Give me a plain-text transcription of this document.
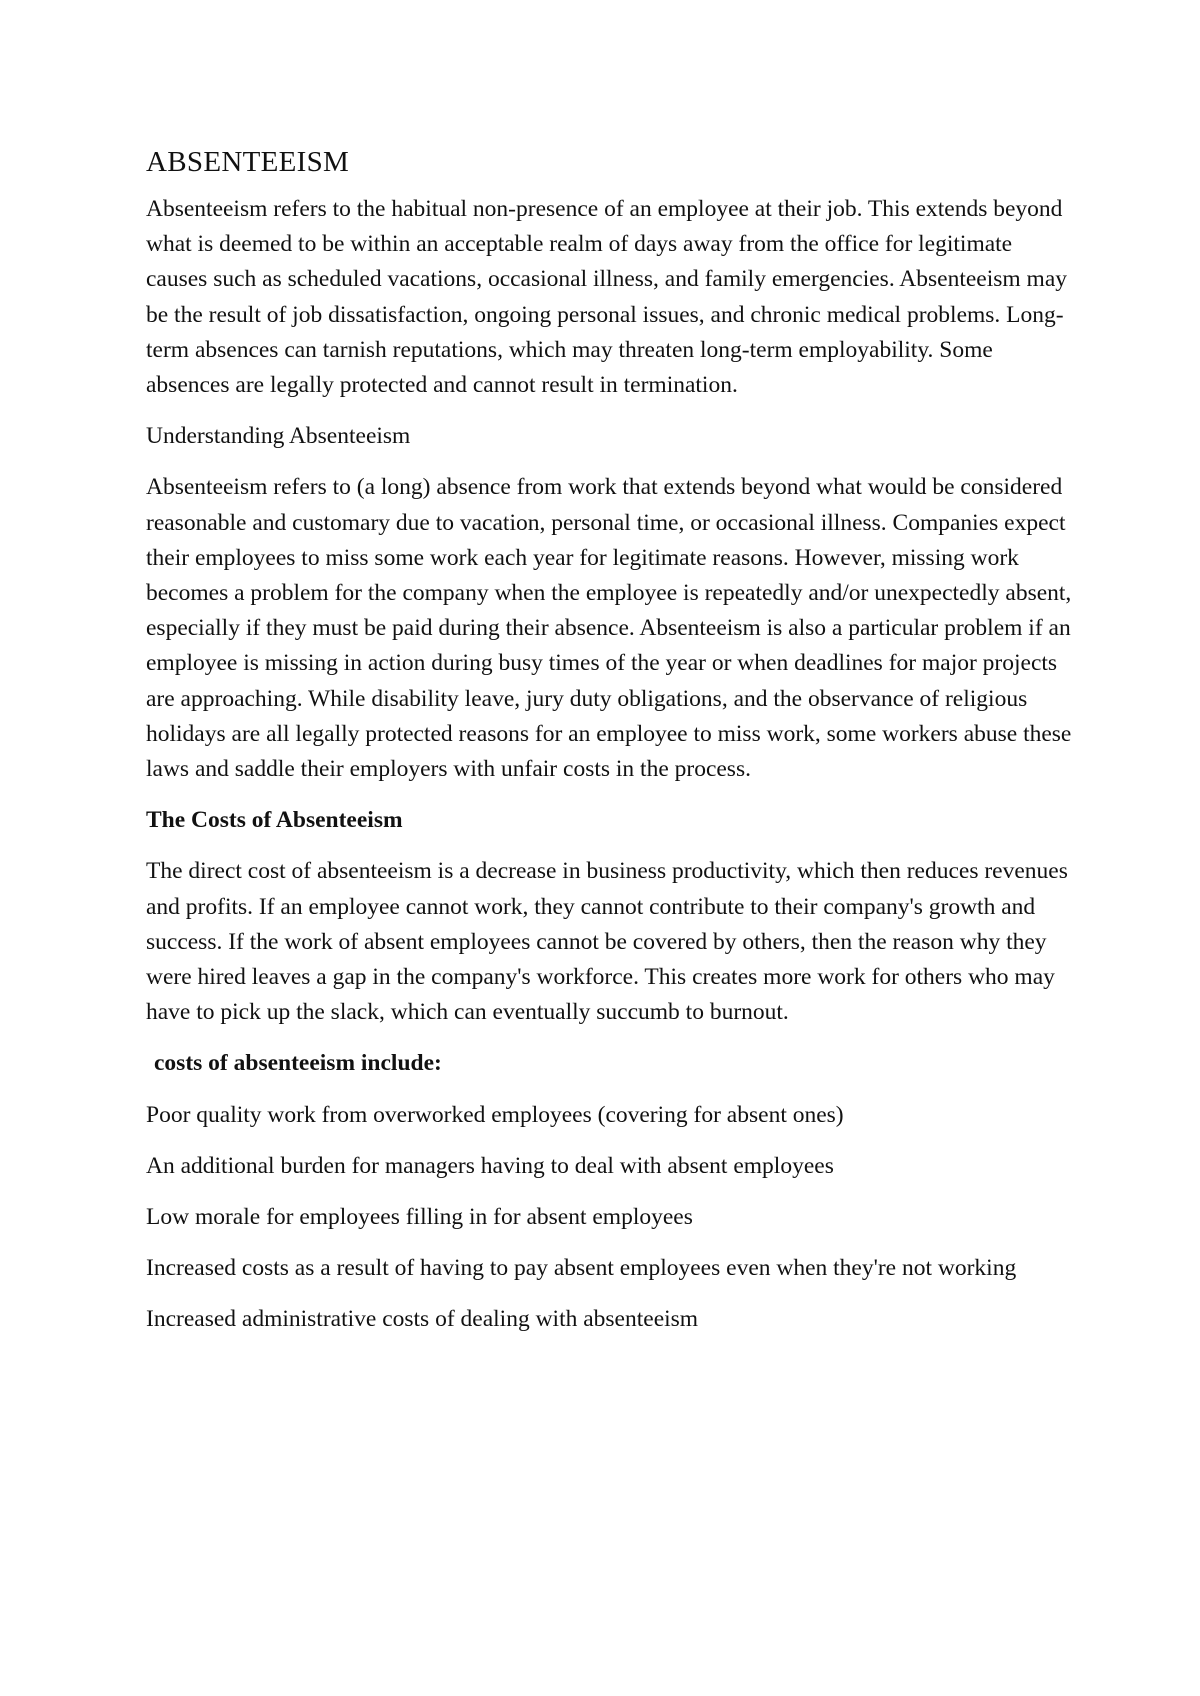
ABSENTEEISM

Absenteeism refers to the habitual non-presence of an employee at their job. This extends beyond what is deemed to be within an acceptable realm of days away from the office for legitimate causes such as scheduled vacations, occasional illness, and family emergencies. Absenteeism may be the result of job dissatisfaction, ongoing personal issues, and chronic medical problems. Long-term absences can tarnish reputations, which may threaten long-term employability. Some absences are legally protected and cannot result in termination.

Understanding Absenteeism

Absenteeism refers to (a long) absence from work that extends beyond what would be considered reasonable and customary due to vacation, personal time, or occasional illness. Companies expect their employees to miss some work each year for legitimate reasons. However, missing work becomes a problem for the company when the employee is repeatedly and/or unexpectedly absent, especially if they must be paid during their absence. Absenteeism is also a particular problem if an employee is missing in action during busy times of the year or when deadlines for major projects are approaching. While disability leave, jury duty obligations, and the observance of religious holidays are all legally protected reasons for an employee to miss work, some workers abuse these laws and saddle their employers with unfair costs in the process.

The Costs of Absenteeism

The direct cost of absenteeism is a decrease in business productivity, which then reduces revenues and profits. If an employee cannot work, they cannot contribute to their company's growth and success. If the work of absent employees cannot be covered by others, then the reason why they were hired leaves a gap in the company's workforce. This creates more work for others who may have to pick up the slack, which can eventually succumb to burnout.

costs of absenteeism include:

Poor quality work from overworked employees (covering for absent ones)

An additional burden for managers having to deal with absent employees

Low morale for employees filling in for absent employees

Increased costs as a result of having to pay absent employees even when they're not working

Increased administrative costs of dealing with absenteeism
